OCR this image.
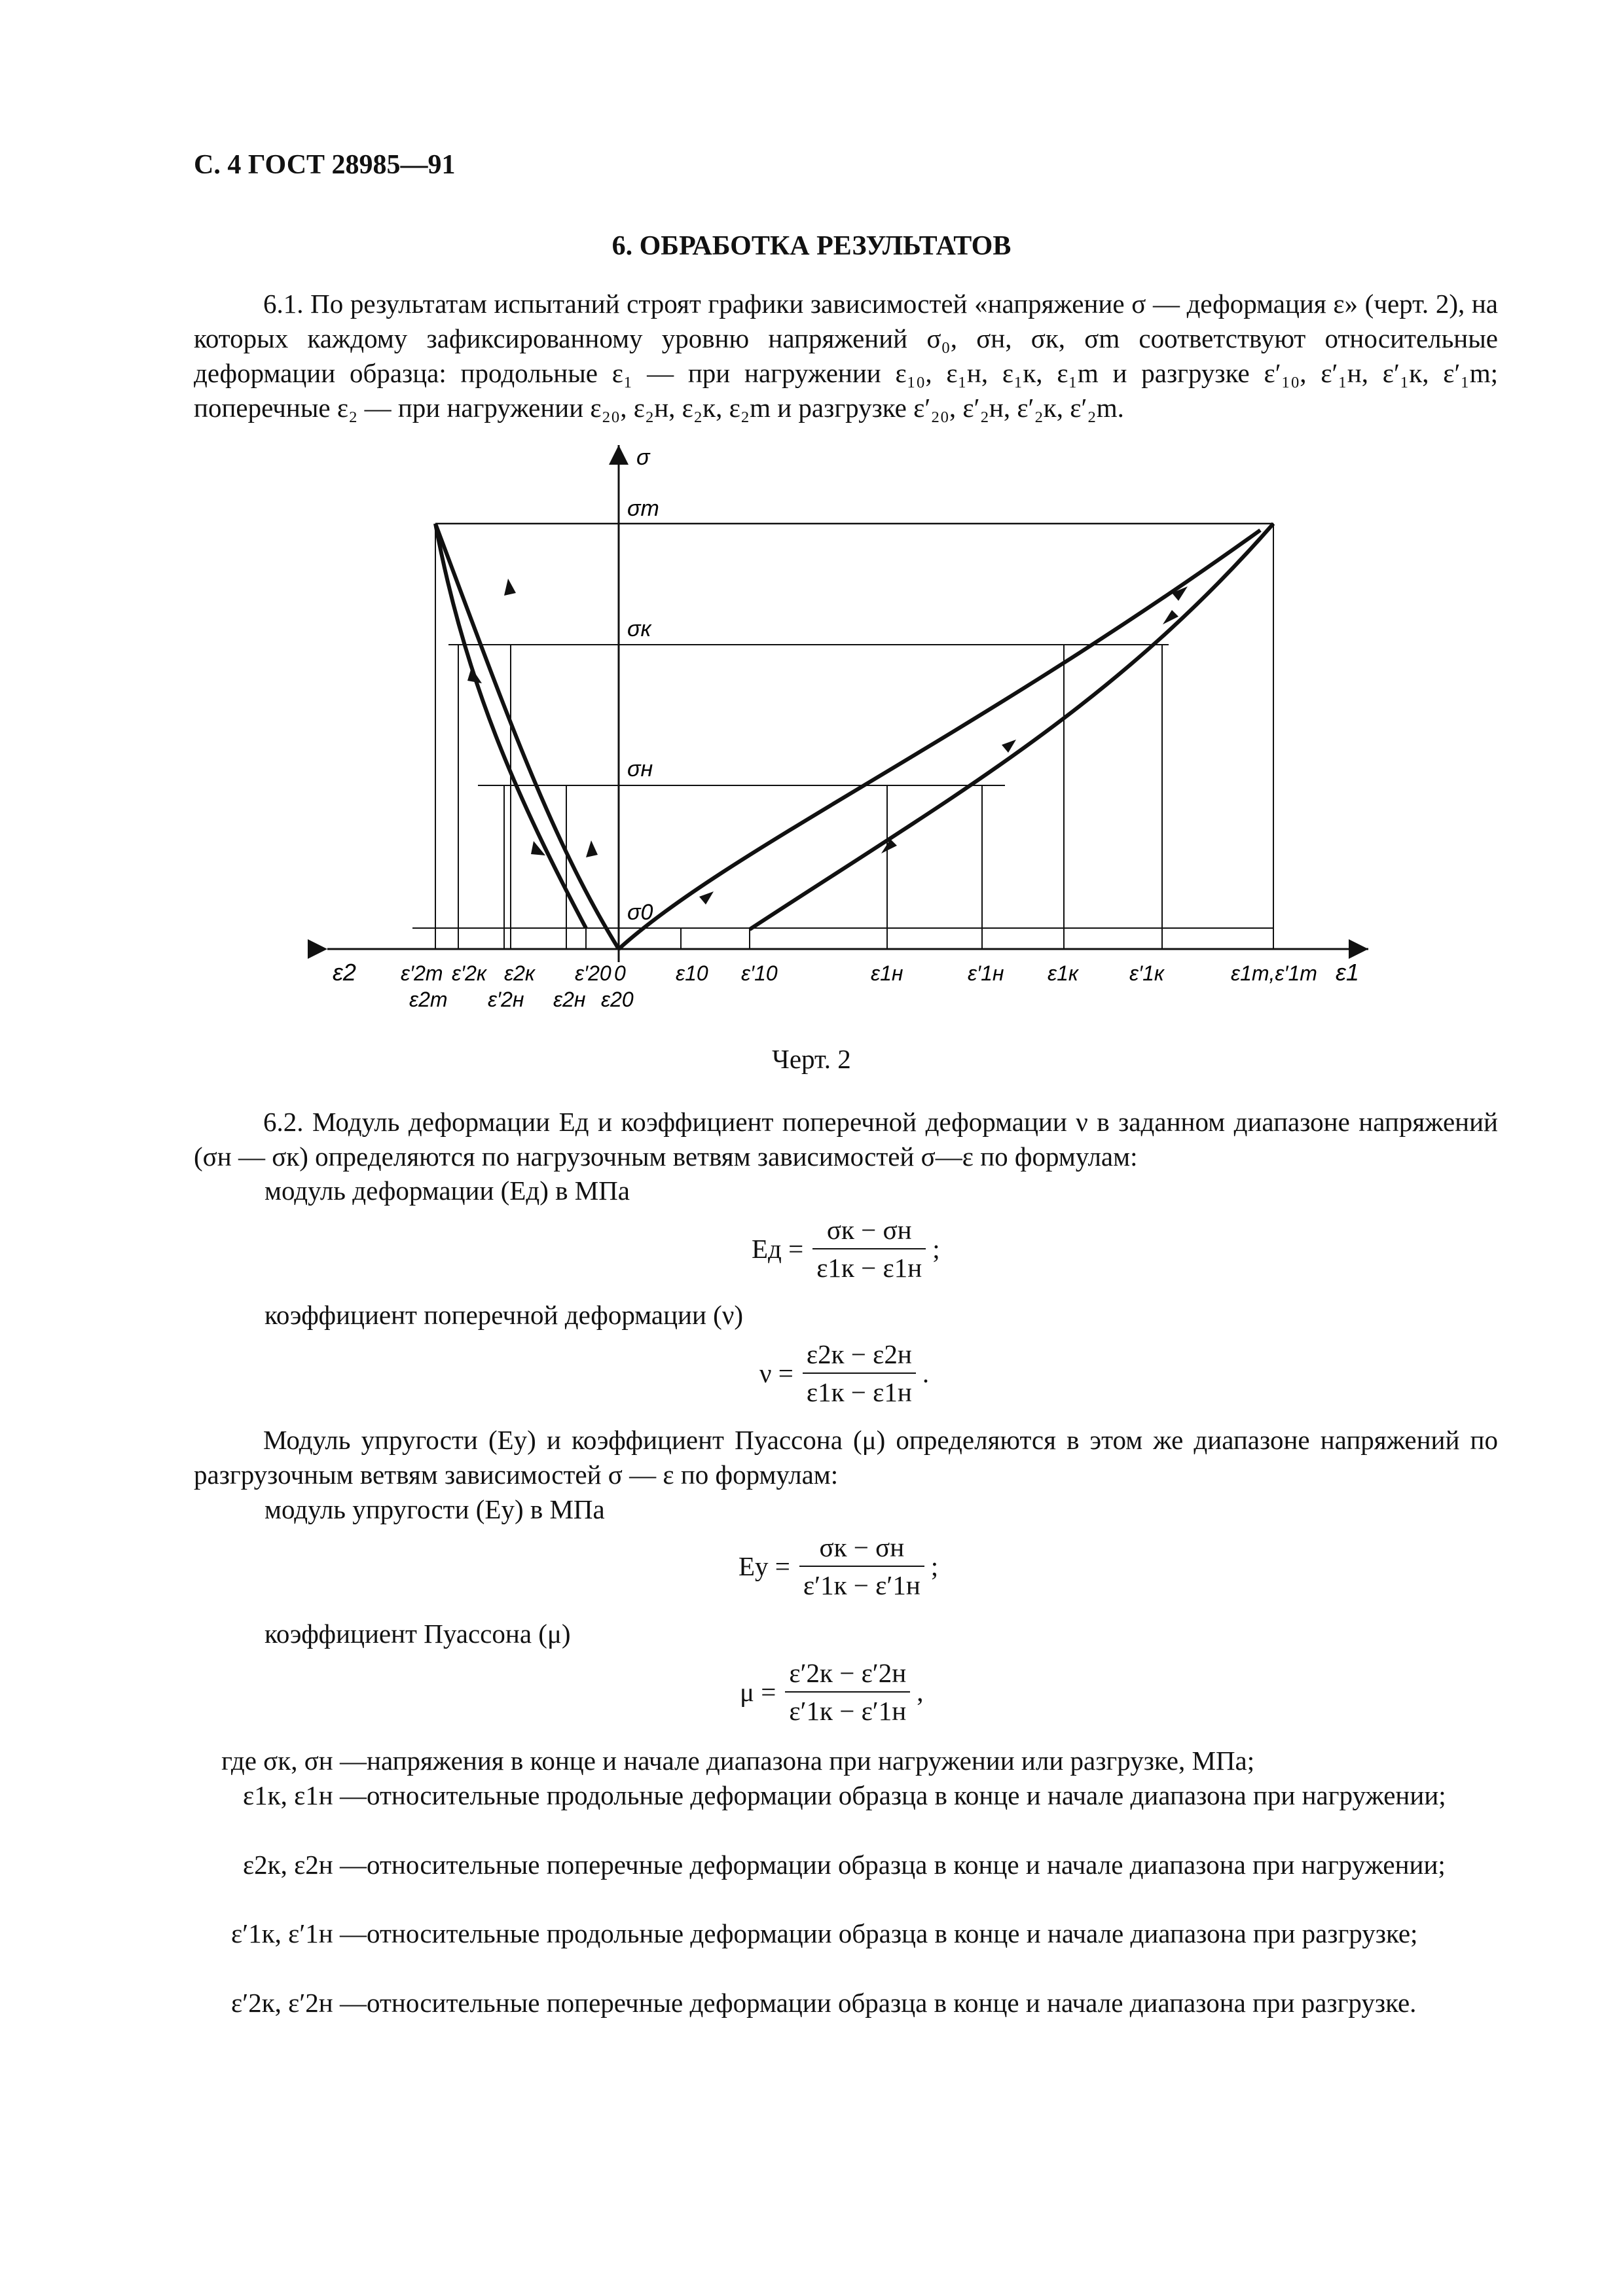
С. 4 ГОСТ 28985—91
6. ОБРАБОТКА РЕЗУЛЬТАТОВ
6.1. По результатам испытаний строят графики зависимостей «напряжение σ — деформация ε» (черт. 2), на которых каждому зафиксированному уровню напряжений σ₀, σн, σк, σm соответствуют относительные деформации образца: продольные ε₁ — при нагружении ε₁₀, ε₁н, ε₁к, ε₁m и разгрузке ε′₁₀, ε′₁н, ε′₁к, ε′₁m; поперечные ε₂ — при нагружении ε₂₀, ε₂н, ε₂к, ε₂m и разгрузке ε′₂₀, ε′₂н, ε′₂к, ε′₂m.
σ
σm
σк
σн
σ0
ε2	ε1
ε′2m ε′2к ε2к ε′20 0 ε10 ε′10	ε1н	ε′1н ε1к ε′1к	ε1m,ε′1m
ε2m ε′2н ε2н ε20
Черт. 2
6.2. Модуль деформации Eд и коэффициент поперечной деформации ν в заданном диапазоне напряжений (σн — σк) определяются по нагрузочным ветвям зависимостей σ—ε по формулам:
модуль деформации (Eд) в МПа
Eд = $\frac{\sigma к - \sigma н}{\varepsilon 1к - \varepsilon 1н}$ ;
коэффициент поперечной деформации (ν)
$\nu = \frac{\varepsilon 2к - \varepsilon 2н}{\varepsilon 1к - \varepsilon 1н}$ .
Модуль упругости (Eу) и коэффициент Пуассона (μ) определяются в этом же диапазоне напряжений по разгрузочным ветвям зависимостей σ — ε по формулам:
модуль упругости (Eу) в МПа
Eу = $\frac{\sigma к - \sigma н}{\varepsilon'1к - \varepsilon'1н}$ ;
коэффициент Пуассона (μ)
$\mu = \frac{\varepsilon'2к - \varepsilon'2н}{\varepsilon'1к - \varepsilon'1н}$ ,
где σк, σн — напряжения в конце и начале диапазона при нагружении или разгрузке, МПа;
ε1к, ε1н — относительные продольные деформации образца в конце и начале диапазона при нагружении;
ε2к, ε2н — относительные поперечные деформации образца в конце и начале диапазона при нагружении;
ε′1к, ε′1н — относительные продольные деформации образца в конце и начале диапазона при разгрузке;
ε′2к, ε′2н — относительные поперечные деформации образца в конце и начале диапазона при разгрузке.
